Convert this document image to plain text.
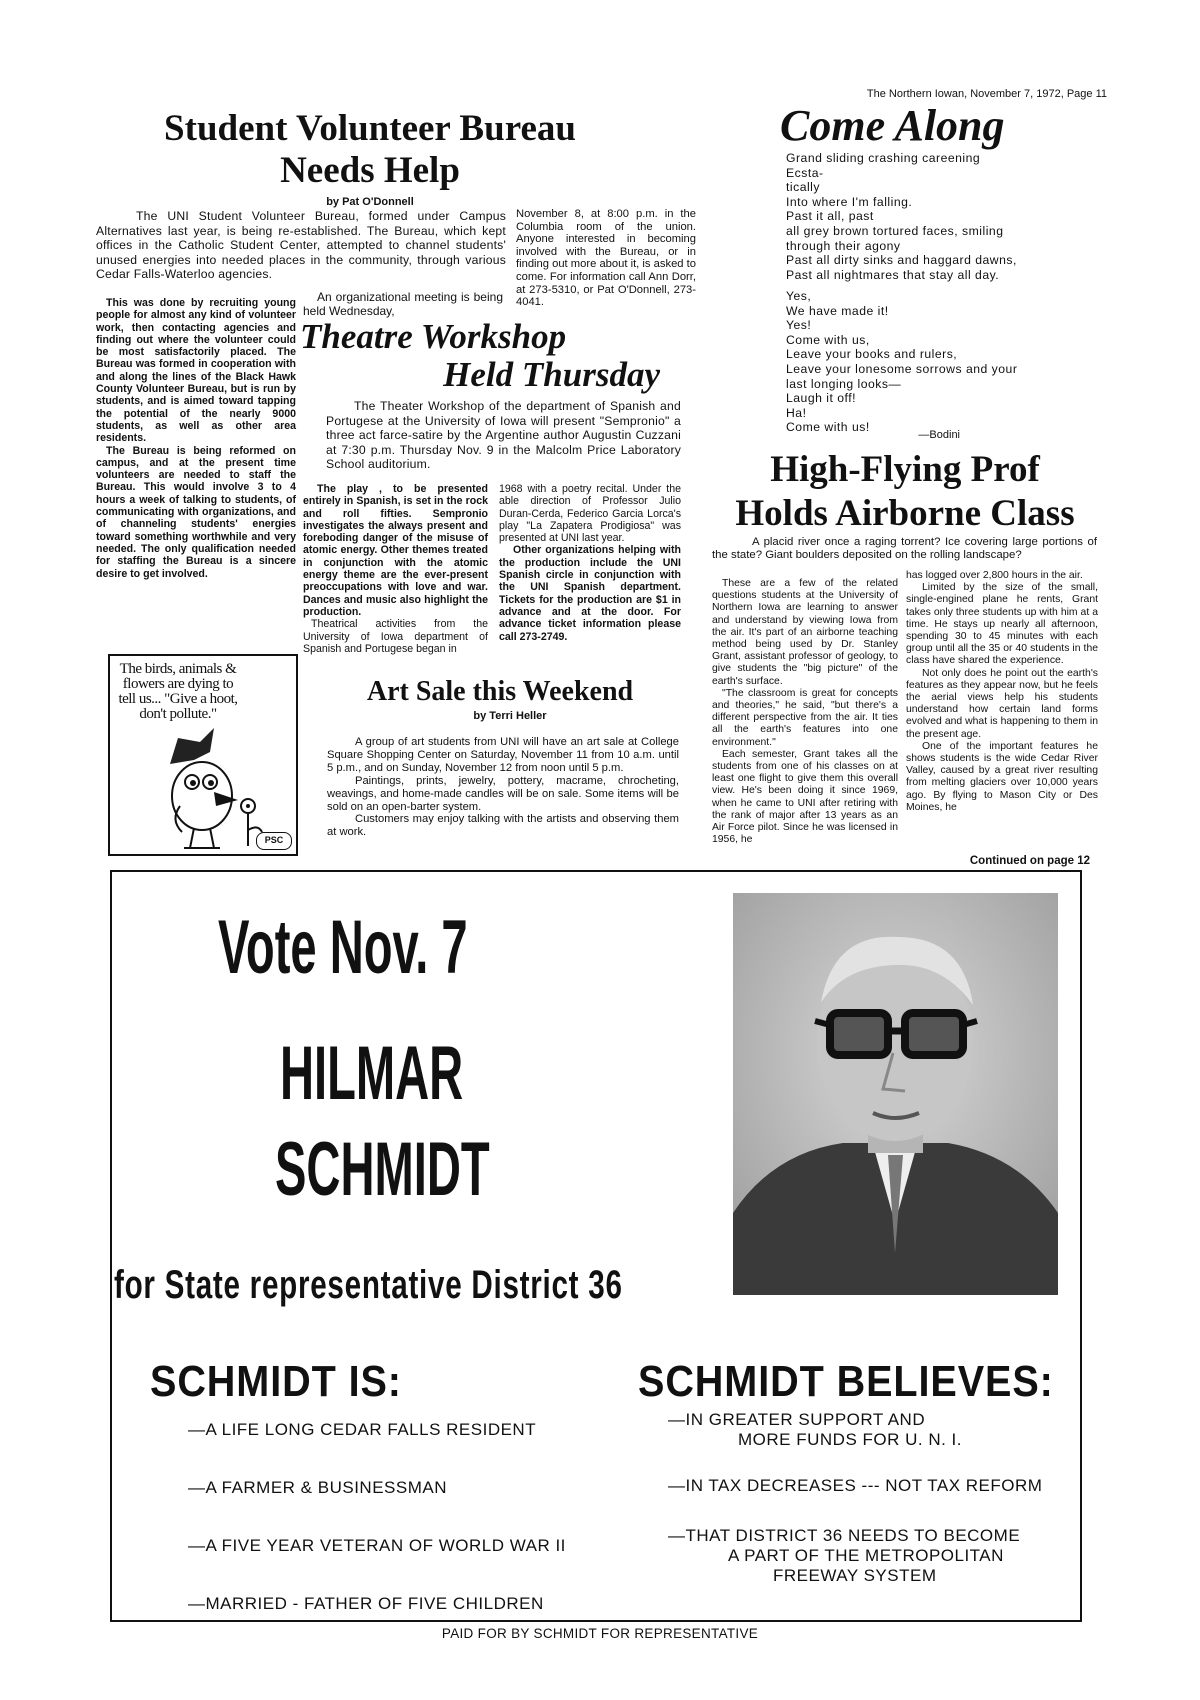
The Northern Iowan, November 7, 1972, Page 11

Student Volunteer Bureau

Needs Help

by Pat O'Donnell
The UNI Student Volunteer Bureau, formed under Campus Alternatives last year, is being re-established. The Bureau, which kept offices in the Catholic Student Center, attempted to channel students' unused energies into needed places in the community, through various Cedar Falls-Waterloo agencies.

This was done by recruiting young people for almost any kind of volunteer work, then contacting agencies and finding out where the volunteer could be most satisfactorily placed. The Bureau was formed in cooperation with and along the lines of the Black Hawk County Volunteer Bureau, but is run by students, and is aimed toward tapping the potential of the nearly 9000 students, as well as other area residents.

The Bureau is being reformed on campus, and at the present time volunteers are needed to staff the Bureau. This would involve 3 to 4 hours a week of talking to students, of communicating with organizations, and of channeling students' energies toward something worthwhile and very needed. The only qualification needed for staffing the Bureau is a sincere desire to get involved.

An organizational meeting is being held Wednesday,
November 8, at 8:00 p.m. in the Columbia room of the union. Anyone interested in becoming involved with the Bureau, or in finding out more about it, is asked to come. For information call Ann Dorr, at 273-5310, or Pat O'Donnell, 273-4041.
The birds, animals & flowers are dying to tell us... "Give a hoot, don't pollute."
PSC

Theatre Workshop

Held Thursday

The Theater Workshop of the department of Spanish and Portugese at the University of Iowa will present "Sempronio" a three act farce-satire by the Argentine author Augustin Cuzzani at 7:30 p.m. Thursday Nov. 9 in the Malcolm Price Laboratory School auditorium.

The play , to be presented entirely in Spanish, is set in the rock and roll fifties. Sempronio investigates the always present and foreboding danger of the misuse of atomic energy. Other themes treated in conjunction with the atomic energy theme are the ever-present preoccupations with love and war. Dances and music also highlight the production.

Theatrical activities from the University of Iowa department of Spanish and Portugese began in

1968 with a poetry recital. Under the able direction of Professor Julio Duran-Cerda, Federico Garcia Lorca's play "La Zapatera Prodigiosa" was presented at UNI last year.

Other organizations helping with the production include the UNI Spanish circle in conjunction with the UNI Spanish department. Tickets for the production are $1 in advance and at the door. For advance ticket information please call 273-2749.

Art Sale this Weekend
by Terri Heller

A group of art students from UNI will have an art sale at College Square Shopping Center on Saturday, November 11 from 10 a.m. until 5 p.m., and on Sunday, November 12 from noon until 5 p.m.

Paintings, prints, jewelry, pottery, macrame, chrocheting, weavings, and home-made candles will be on sale. Some items will be sold on an open-barter system.

Customers may enjoy talking with the artists and observing them at work.

Come Along

Grand sliding crashing careening

Ecsta-

tically

Into where I'm falling.

Past it all, past

all grey brown tortured faces, smiling

through their agony

Past all dirty sinks and haggard dawns,

Past all nightmares that stay all day.

Yes,

We have made it!

Yes!

Come with us,

Leave your books and rulers,

Leave your lonesome sorrows and your

last longing looks—

Laugh it off!

Ha!

Come with us!

—Bodini

High-Flying Prof

Holds Airborne Class

A placid river once a raging torrent? Ice covering large portions of the state? Giant boulders deposited on the rolling landscape?

These are a few of the related questions students at the University of Northern Iowa are learning to answer and understand by viewing Iowa from the air. It's part of an airborne teaching method being used by Dr. Stanley Grant, assistant professor of geology, to give students the "big picture" of the earth's surface.

"The classroom is great for concepts and theories," he said, "but there's a different perspective from the air. It ties all the earth's features into one environment."

Each semester, Grant takes all the students from one of his classes on at least one flight to give them this overall view. He's been doing it since 1969, when he came to UNI after retiring with the rank of major after 13 years as an Air Force pilot. Since he was licensed in 1956, he

has logged over 2,800 hours in the air.

Limited by the size of the small, single-engined plane he rents, Grant takes only three students up with him at a time. He stays up nearly all afternoon, spending 30 to 45 minutes with each group until all the 35 or 40 students in the class have shared the experience.

Not only does he point out the earth's features as they appear now, but he feels the aerial views help his students understand how certain land forms evolved and what is happening to them in the present age.

One of the important features he shows students is the wide Cedar River Valley, caused by a great river resulting from melting glaciers over 10,000 years ago. By flying to Mason City or Des Moines, he

Continued on page 12
Vote Nov. 7
HILMAR
SCHMIDT
for State representative District 36
SCHMIDT IS:

—A LIFE LONG CEDAR FALLS RESIDENT

—A FARMER & BUSINESSMAN

—A FIVE YEAR VETERAN OF WORLD WAR II

—MARRIED - FATHER OF FIVE CHILDREN

SCHMIDT BELIEVES:

—IN GREATER SUPPORT AND

MORE FUNDS FOR U. N. I.

—IN TAX DECREASES --- NOT TAX REFORM

—THAT DISTRICT 36 NEEDS TO BECOME

A PART OF THE METROPOLITAN

FREEWAY SYSTEM

PAID FOR BY SCHMIDT FOR REPRESENTATIVE
